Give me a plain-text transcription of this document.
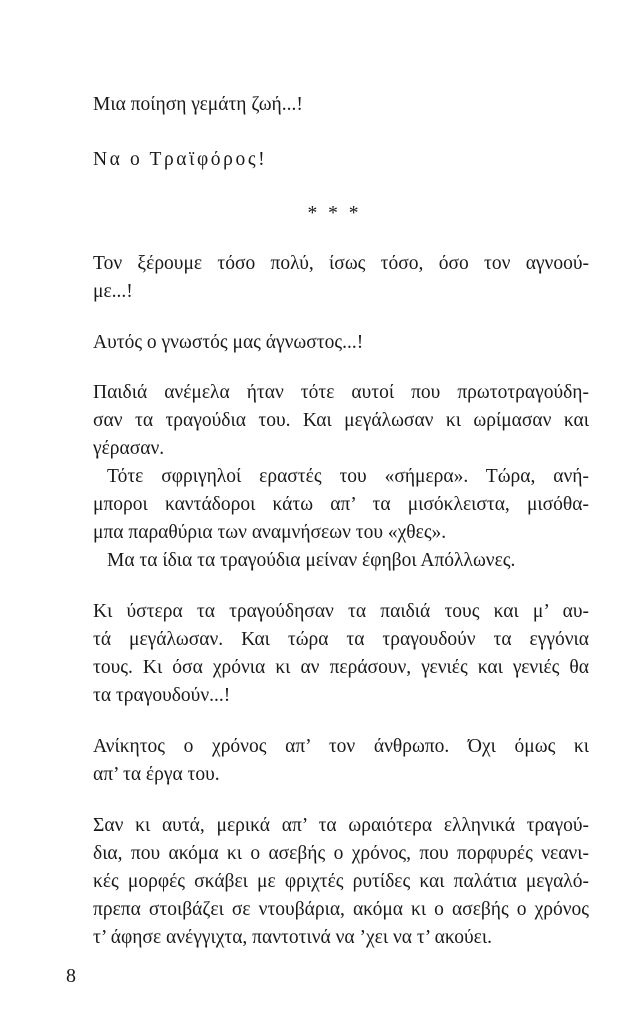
Μια ποίηση γεμάτη ζωή...!
Να ο Τραϊφόρος!
* * *
Τον ξέρουμε τόσο πολύ, ίσως τόσο, όσο τον αγνοού-
με...!
Αυτός ο γνωστός μας άγνωστος...!
Παιδιά ανέμελα ήταν τότε αυτοί που πρωτοτραγούδη-
σαν τα τραγούδια του. Και μεγάλωσαν κι ωρίμασαν και
γέρασαν.
Τότε σφριγηλοί εραστές του «σήμερα». Τώρα, ανή-
μποροι καντάδοροι κάτω απ’ τα μισόκλειστα, μισόθα-
μπα παραθύρια των αναμνήσεων του «χθες».
Μα τα ίδια τα τραγούδια μείναν έφηβοι Απόλλωνες.
Κι ύστερα τα τραγούδησαν τα παιδιά τους και μ’ αυ-
τά μεγάλωσαν. Και τώρα τα τραγουδούν τα εγγόνια
τους. Κι όσα χρόνια κι αν περάσουν, γενιές και γενιές θα
τα τραγουδούν...!
Ανίκητος ο χρόνος απ’ τον άνθρωπο. Όχι όμως κι
απ’ τα έργα του.
Σαν κι αυτά, μερικά απ’ τα ωραιότερα ελληνικά τραγού-
δια, που ακόμα κι ο ασεβής ο χρόνος, που πορφυρές νεανι-
κές μορφές σκάβει με φριχτές ρυτίδες και παλάτια μεγαλό-
πρεπα στοιβάζει σε ντουβάρια, ακόμα κι ο ασεβής ο χρόνος
τ’ άφησε ανέγγιχτα, παντοτινά να ’χει να τ’ ακούει.
8
